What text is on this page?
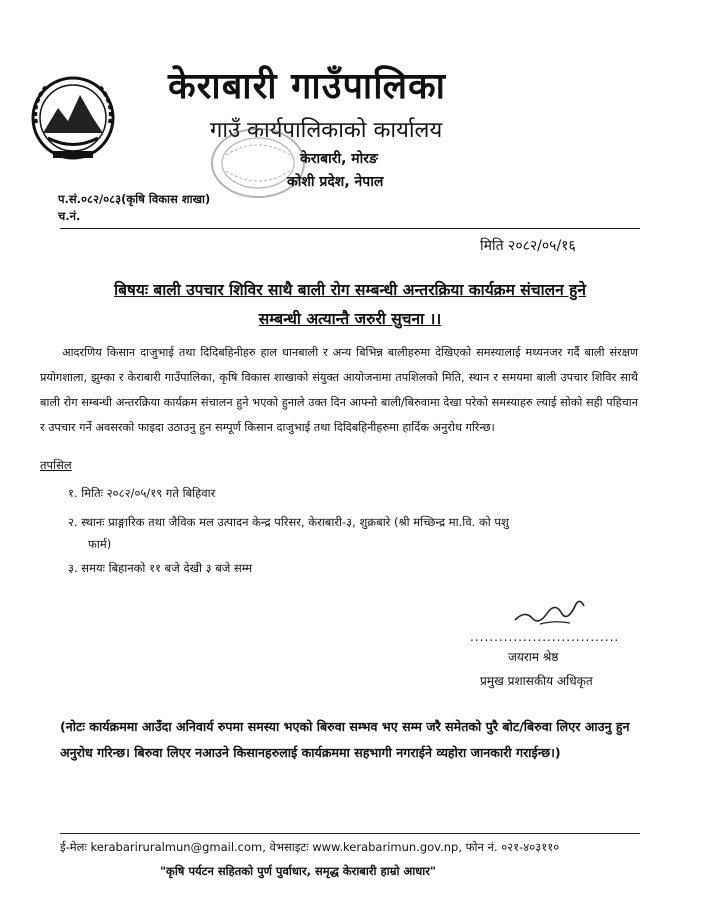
केराबारी गाउँपालिका
गाउँ कार्यपालिकाको कार्यालय
केराबारी, मोरङ
कोशी प्रदेश, नेपाल
प.सं.०८२/०८३(कृषि विकास शाखा)
च.नं.
मिति २०८२/०५/१६
बिषयः बाली उपचार शिविर साथै बाली रोग सम्बन्धी अन्तरक्रिया कार्यक्रम संचालन हुने
सम्बन्धी अत्यान्तै जरुरी सुचना ।।
आदरणिय किसान दाजुभाई तथा दिदिबहिनीहरु हाल धानबाली र अन्य बिभिन्न बालीहरुमा देखिएको समस्यालाई मध्यनजर गर्दै बाली संरक्षण प्रयोगशाला, झुम्का र केराबारी गाउँपालिका, कृषि विकास शाखाको संयुक्त आयोजनामा तपशिलको मिति, स्थान र समयमा बाली उपचार शिविर साथै बाली रोग सम्बन्धी अन्तरक्रिया कार्यक्रम संचालन हुने भएको हुनाले उक्त दिन आफ्नो बाली/बिरुवामा देखा परेको समस्याहरु ल्याई सोको सही पहिचान र उपचार गर्ने अवसरको फाइदा उठाउनु हुन सम्पूर्ण किसान दाजुभाई तथा दिदिबहिनीहरुमा हार्दिक अनुरोध गरिन्छ।
तपसिल
१. मितिः २०८२/०५/१९ गते बिहिवार
२. स्थानः प्राङ्गारिक तथा जैविक मल उत्पादन केन्द्र परिसर, केराबारी-३, शुक्रबारे (श्री मच्छिन्द्र मा.वि. को पशु
फार्म)
३. समयः बिहानको ११ बजे देखी ३ बजे सम्म
...............................
जयराम श्रेष्ठ
प्रमुख प्रशासकीय अधिकृत
(नोटः कार्यक्रममा आउँदा अनिवार्य रुपमा समस्या भएको बिरुवा सम्भव भए सम्म जरै समेतको पुरै बोट/बिरुवा लिएर आउनु हुन अनुरोध गरिन्छ। बिरुवा लिएर नआउने किसानहरुलाई कार्यक्रममा सहभागी नगराईने व्यहोरा जानकारी गराईन्छ।)
ई-मेलः kerabariruralmun@gmail.com, वेभसाइटः www.kerabarimun.gov.np, फोन नं. ०२१-४०३११०
"कृषि पर्यटन सहितको पुर्ण पुर्वाधार, समृद्ध केराबारी हाम्रो आधार"
